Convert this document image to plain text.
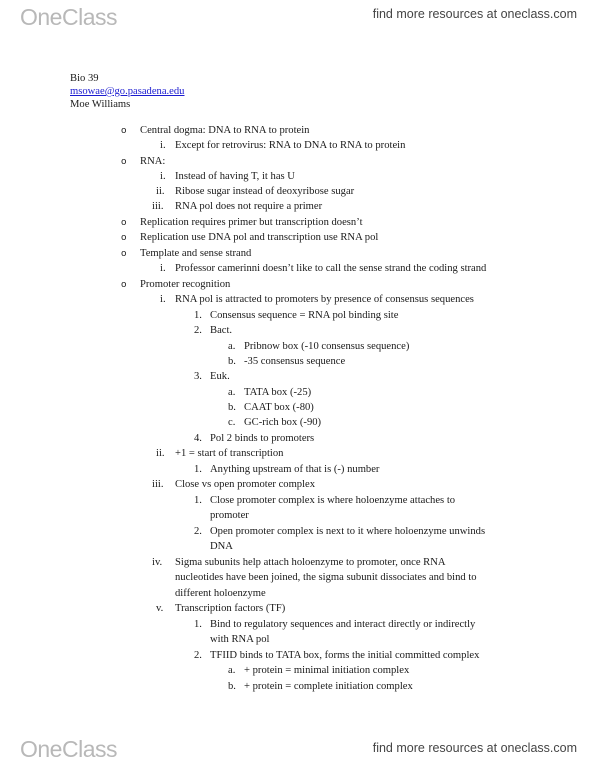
OneClass	find more resources at oneclass.com
Bio 39
msowae@go.pasadena.edu
Moe Williams
o Central dogma: DNA to RNA to protein
i. Except for retrovirus: RNA to DNA to RNA to protein
o RNA:
i. Instead of having T, it has U
ii. Ribose sugar instead of deoxyribose sugar
iii. RNA pol does not require a primer
o Replication requires primer but transcription doesn’t
o Replication use DNA pol and transcription use RNA pol
o Template and sense strand
i. Professor camerinni doesn’t like to call the sense strand the coding strand
o Promoter recognition
i. RNA pol is attracted to promoters by presence of consensus sequences
1. Consensus sequence = RNA pol binding site
2. Bact.
a. Pribnow box (-10 consensus sequence)
b. -35 consensus sequence
3. Euk.
a. TATA box (-25)
b. CAAT box (-80)
c. GC-rich box (-90)
4. Pol 2 binds to promoters
ii. +1 = start of transcription
1. Anything upstream of that is (-) number
iii. Close vs open promoter complex
1. Close promoter complex is where holoenzyme attaches to
promoter
2. Open promoter complex is next to it where holoenzyme unwinds
DNA
iv. Sigma subunits help attach holoenzyme to promoter, once RNA
nucleotides have been joined, the sigma subunit dissociates and bind to
different holoenzyme
v. Transcription factors (TF)
1. Bind to regulatory sequences and interact directly or indirectly
with RNA pol
2. TFIID binds to TATA box, forms the initial committed complex
a. + protein = minimal initiation complex
b. + protein = complete initiation complex
OneClass	find more resources at oneclass.com
